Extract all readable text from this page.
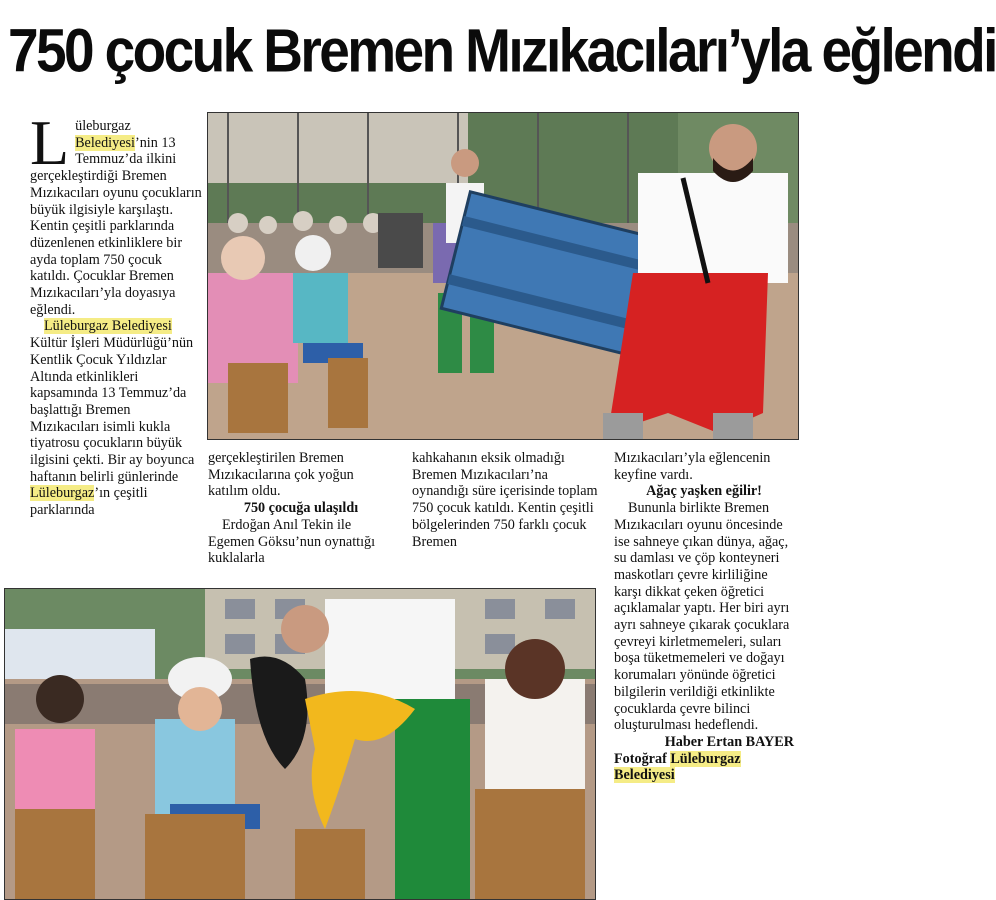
750 çocuk Bremen Mızıkacıları’yla eğlendi

Lüleburgaz Belediyesi’nin 13 Temmuz’da ilkini gerçekleştirdiği Bremen Mızıkacıları oyunu çocukların büyük ilgisiyle karşılaştı. Kentin çeşitli parklarında düzenlenen etkinliklere bir ayda toplam 750 çocuk katıldı. Çocuklar Bremen Mızıkacıları’yla doyasıya eğlendi.

Lüleburgaz Belediyesi Kültür İşleri Müdürlüğü’nün Kentlik Çocuk Yıldızlar Altında etkinlikleri kapsamında 13 Temmuz’da başlattığı Bremen Mızıkacıları isimli kukla tiyatrosu çocukların büyük ilgisini çekti. Bir ay boyunca haftanın belirli günlerinde Lüleburgaz’ın çeşitli parklarında

gerçekleştirilen Bremen Mızıkacılarına çok yoğun katılım oldu.

750 çocuğa ulaşıldı

Erdoğan Anıl Tekin ile Egemen Göksu’nun oynattığı kuklalarla

kahkahanın eksik olmadığı Bremen Mızıkacıları’na oynandığı süre içerisinde toplam 750 çocuk katıldı. Kentin çeşitli bölgelerinden 750 farklı çocuk Bremen

Mızıkacıları’yla eğlencenin keyfine vardı.

Ağaç yaşken eğilir!

Bununla birlikte Bremen Mızıkacıları oyunu öncesinde ise sahneye çıkan dünya, ağaç, su damlası ve çöp konteyneri maskotları çevre kirliliğine karşı dikkat çeken öğretici açıklamalar yaptı. Her biri ayrı ayrı sahneye çıkarak çocuklara çevreyi kirletmemeleri, suları boşa tüketmemeleri ve doğayı korumaları yönünde öğretici bilgilerin verildiği etkinlikte çocuklarda çevre bilinci oluşturulması hedeflendi.

Haber Ertan BAYER

Fotoğraf Lüleburgaz Belediyesi
